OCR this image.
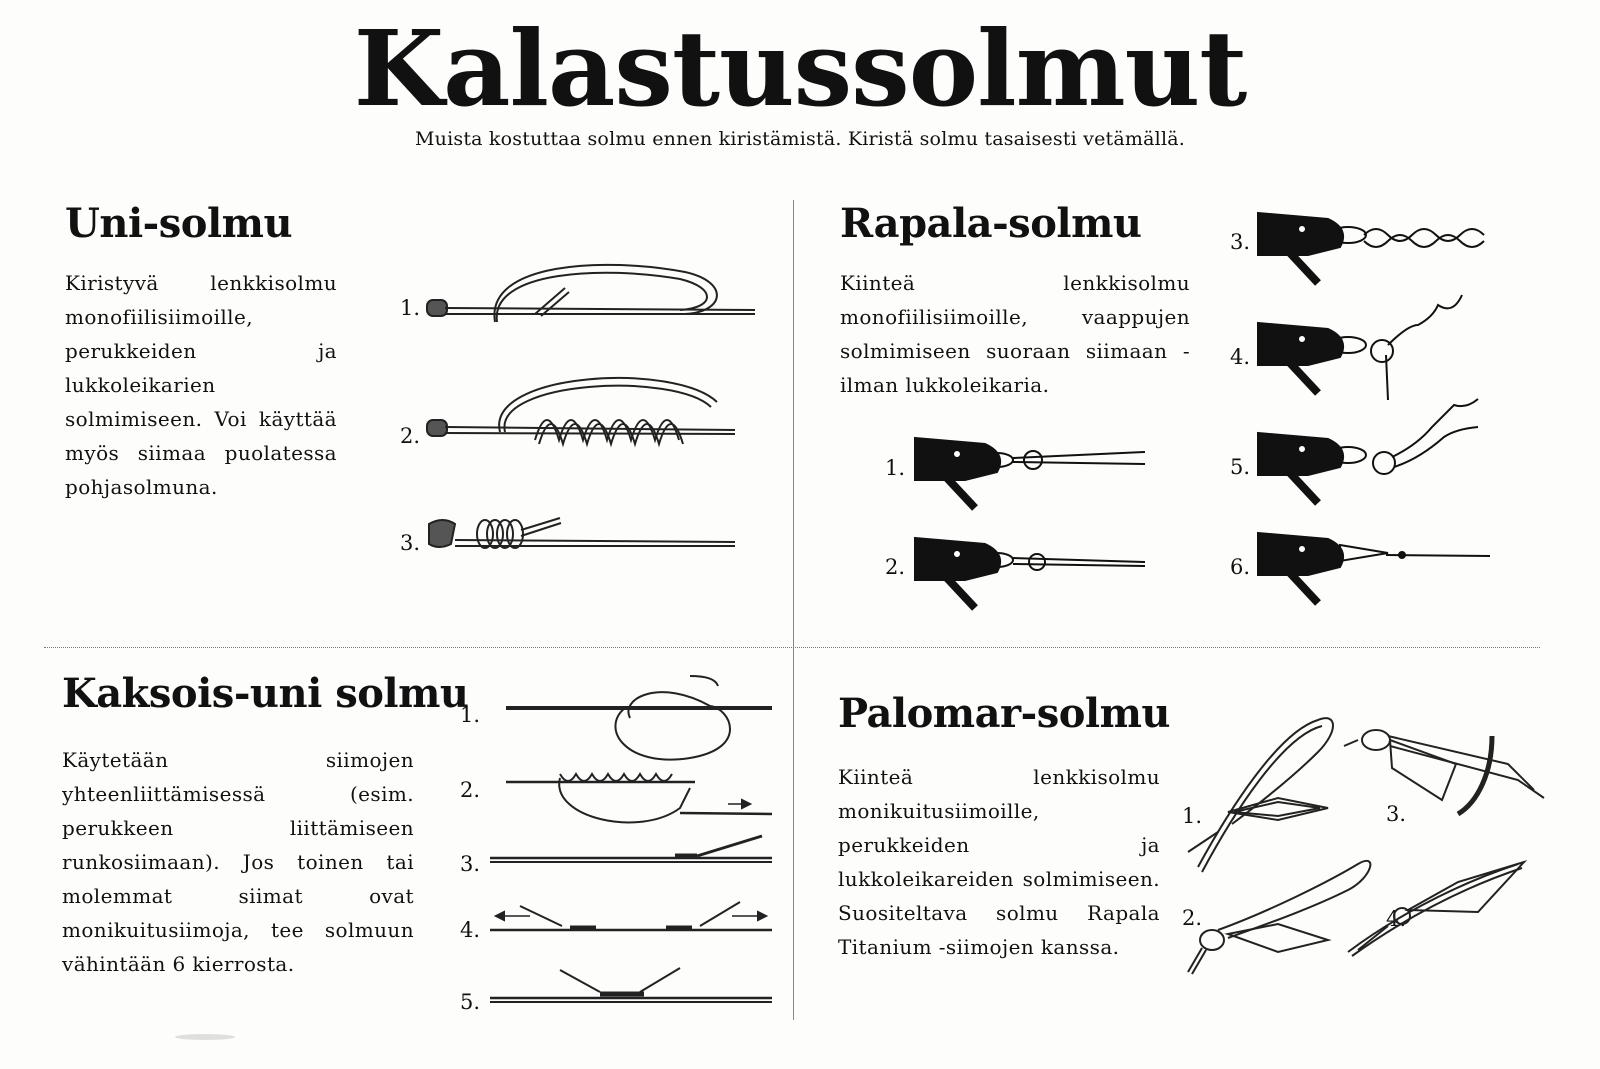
Kalastussolmut
Muista kostuttaa solmu ennen kiristämistä. Kiristä solmu tasaisesti vetämällä.
Uni-solmu
Kiristyvä lenkkisolmu monofiilisiimoille, perukkeiden ja lukkoleikarien solmimiseen. Voi käyttää myös siimaa puolatessa pohjasolmuna.
1.
2.
3.
Rapala-solmu
Kiinteä lenkkisolmu monofiilisiimoille, vaappujen solmimiseen suoraan siimaan - ilman lukkoleikaria.
1.
2.
3.
4.
5.
6.
Kaksois-uni solmu
Käytetään siimojen yhteenliittämisessä (esim. perukkeen liittämiseen runkosiimaan). Jos toinen tai molemmat siimat ovat monikuitusiimoja, tee solmuun vähintään 6 kierrosta.
1.
2.
3.
4.
5.
Palomar-solmu
Kiinteä lenkkisolmu monikuitusiimoille, perukkeiden ja lukkoleikareiden solmimiseen. Suositeltava solmu Rapala Titanium -siimojen kanssa.
1.
2.
3.
4.
